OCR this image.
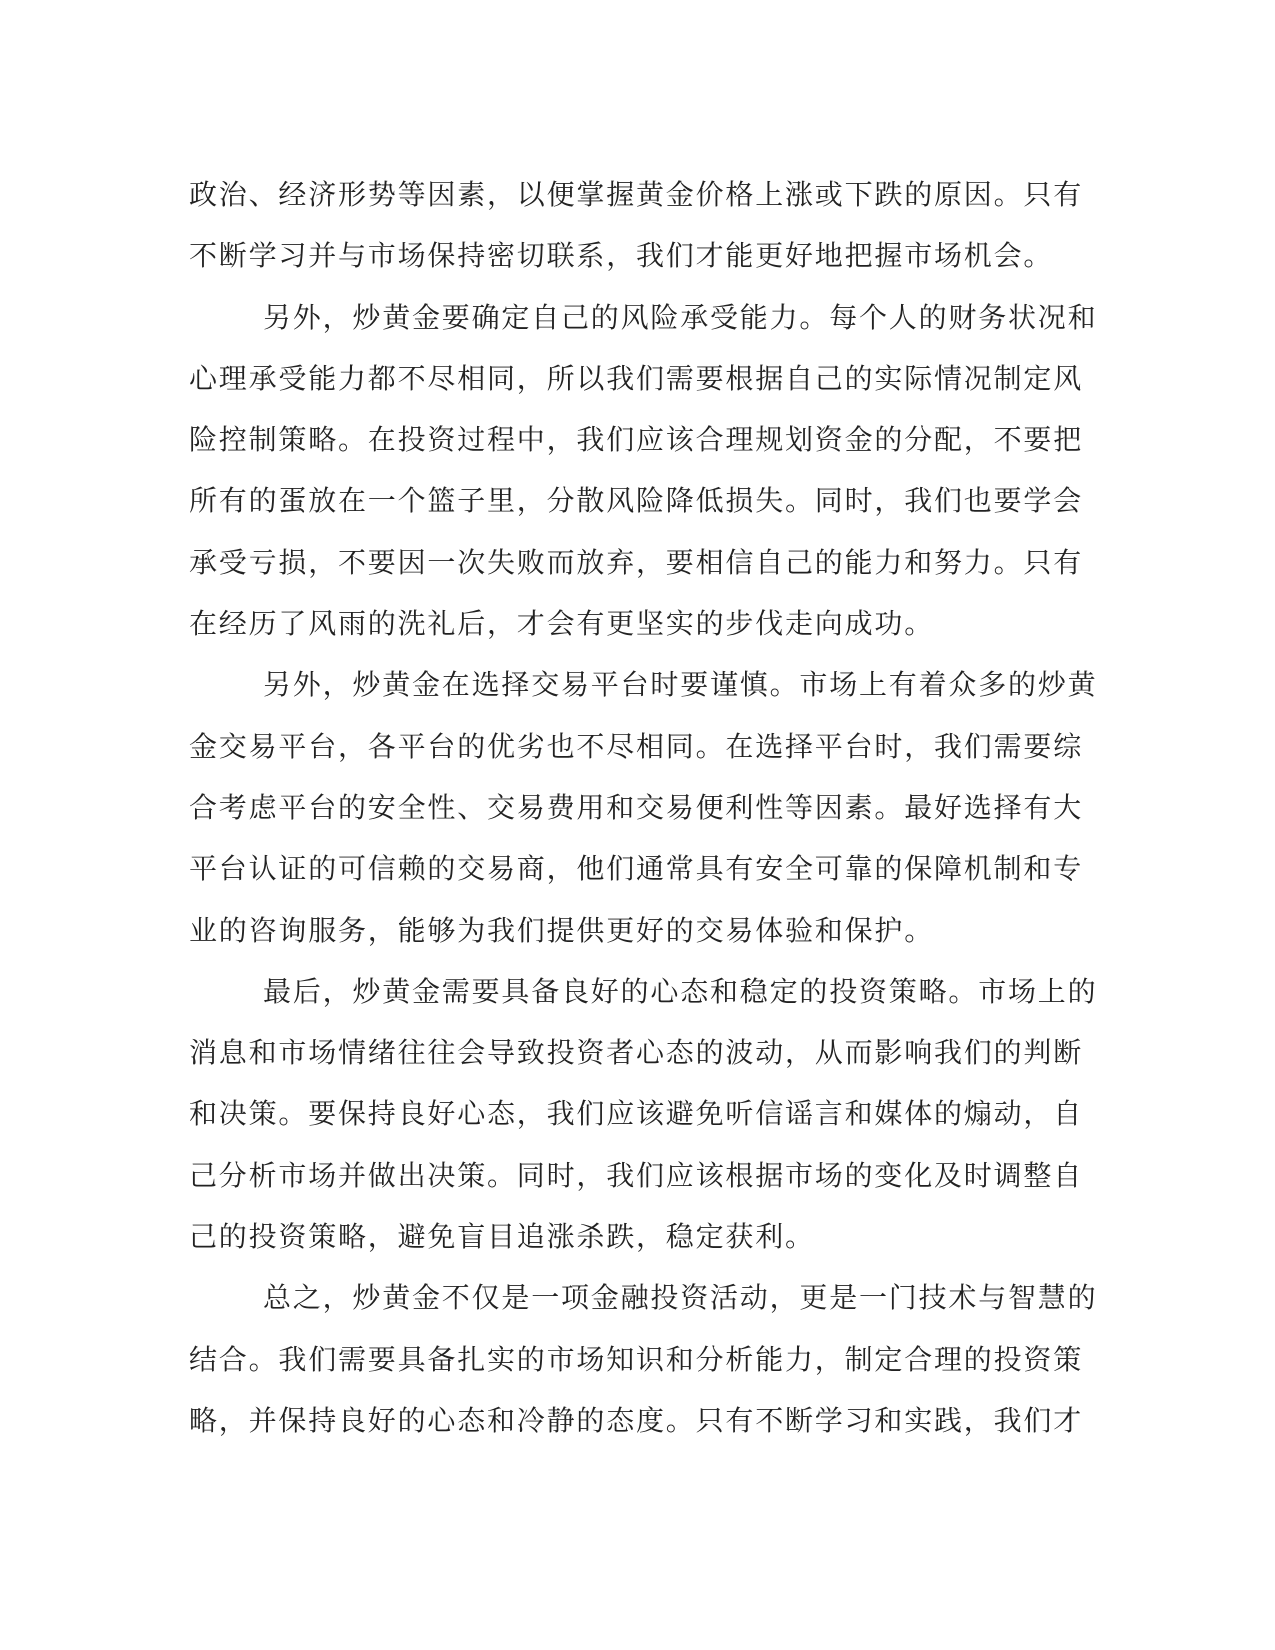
政治、经济形势等因素，以便掌握黄金价格上涨或下跌的原因。只有
不断学习并与市场保持密切联系，我们才能更好地把握市场机会。
另外，炒黄金要确定自己的风险承受能力。每个人的财务状况和
心理承受能力都不尽相同，所以我们需要根据自己的实际情况制定风
险控制策略。在投资过程中，我们应该合理规划资金的分配，不要把
所有的蛋放在一个篮子里，分散风险降低损失。同时，我们也要学会
承受亏损，不要因一次失败而放弃，要相信自己的能力和努力。只有
在经历了风雨的洗礼后，才会有更坚实的步伐走向成功。
另外，炒黄金在选择交易平台时要谨慎。市场上有着众多的炒黄
金交易平台，各平台的优劣也不尽相同。在选择平台时，我们需要综
合考虑平台的安全性、交易费用和交易便利性等因素。最好选择有大
平台认证的可信赖的交易商，他们通常具有安全可靠的保障机制和专
业的咨询服务，能够为我们提供更好的交易体验和保护。
最后，炒黄金需要具备良好的心态和稳定的投资策略。市场上的
消息和市场情绪往往会导致投资者心态的波动，从而影响我们的判断
和决策。要保持良好心态，我们应该避免听信谣言和媒体的煽动，自
己分析市场并做出决策。同时，我们应该根据市场的变化及时调整自
己的投资策略，避免盲目追涨杀跌，稳定获利。
总之，炒黄金不仅是一项金融投资活动，更是一门技术与智慧的
结合。我们需要具备扎实的市场知识和分析能力，制定合理的投资策
略，并保持良好的心态和冷静的态度。只有不断学习和实践，我们才
